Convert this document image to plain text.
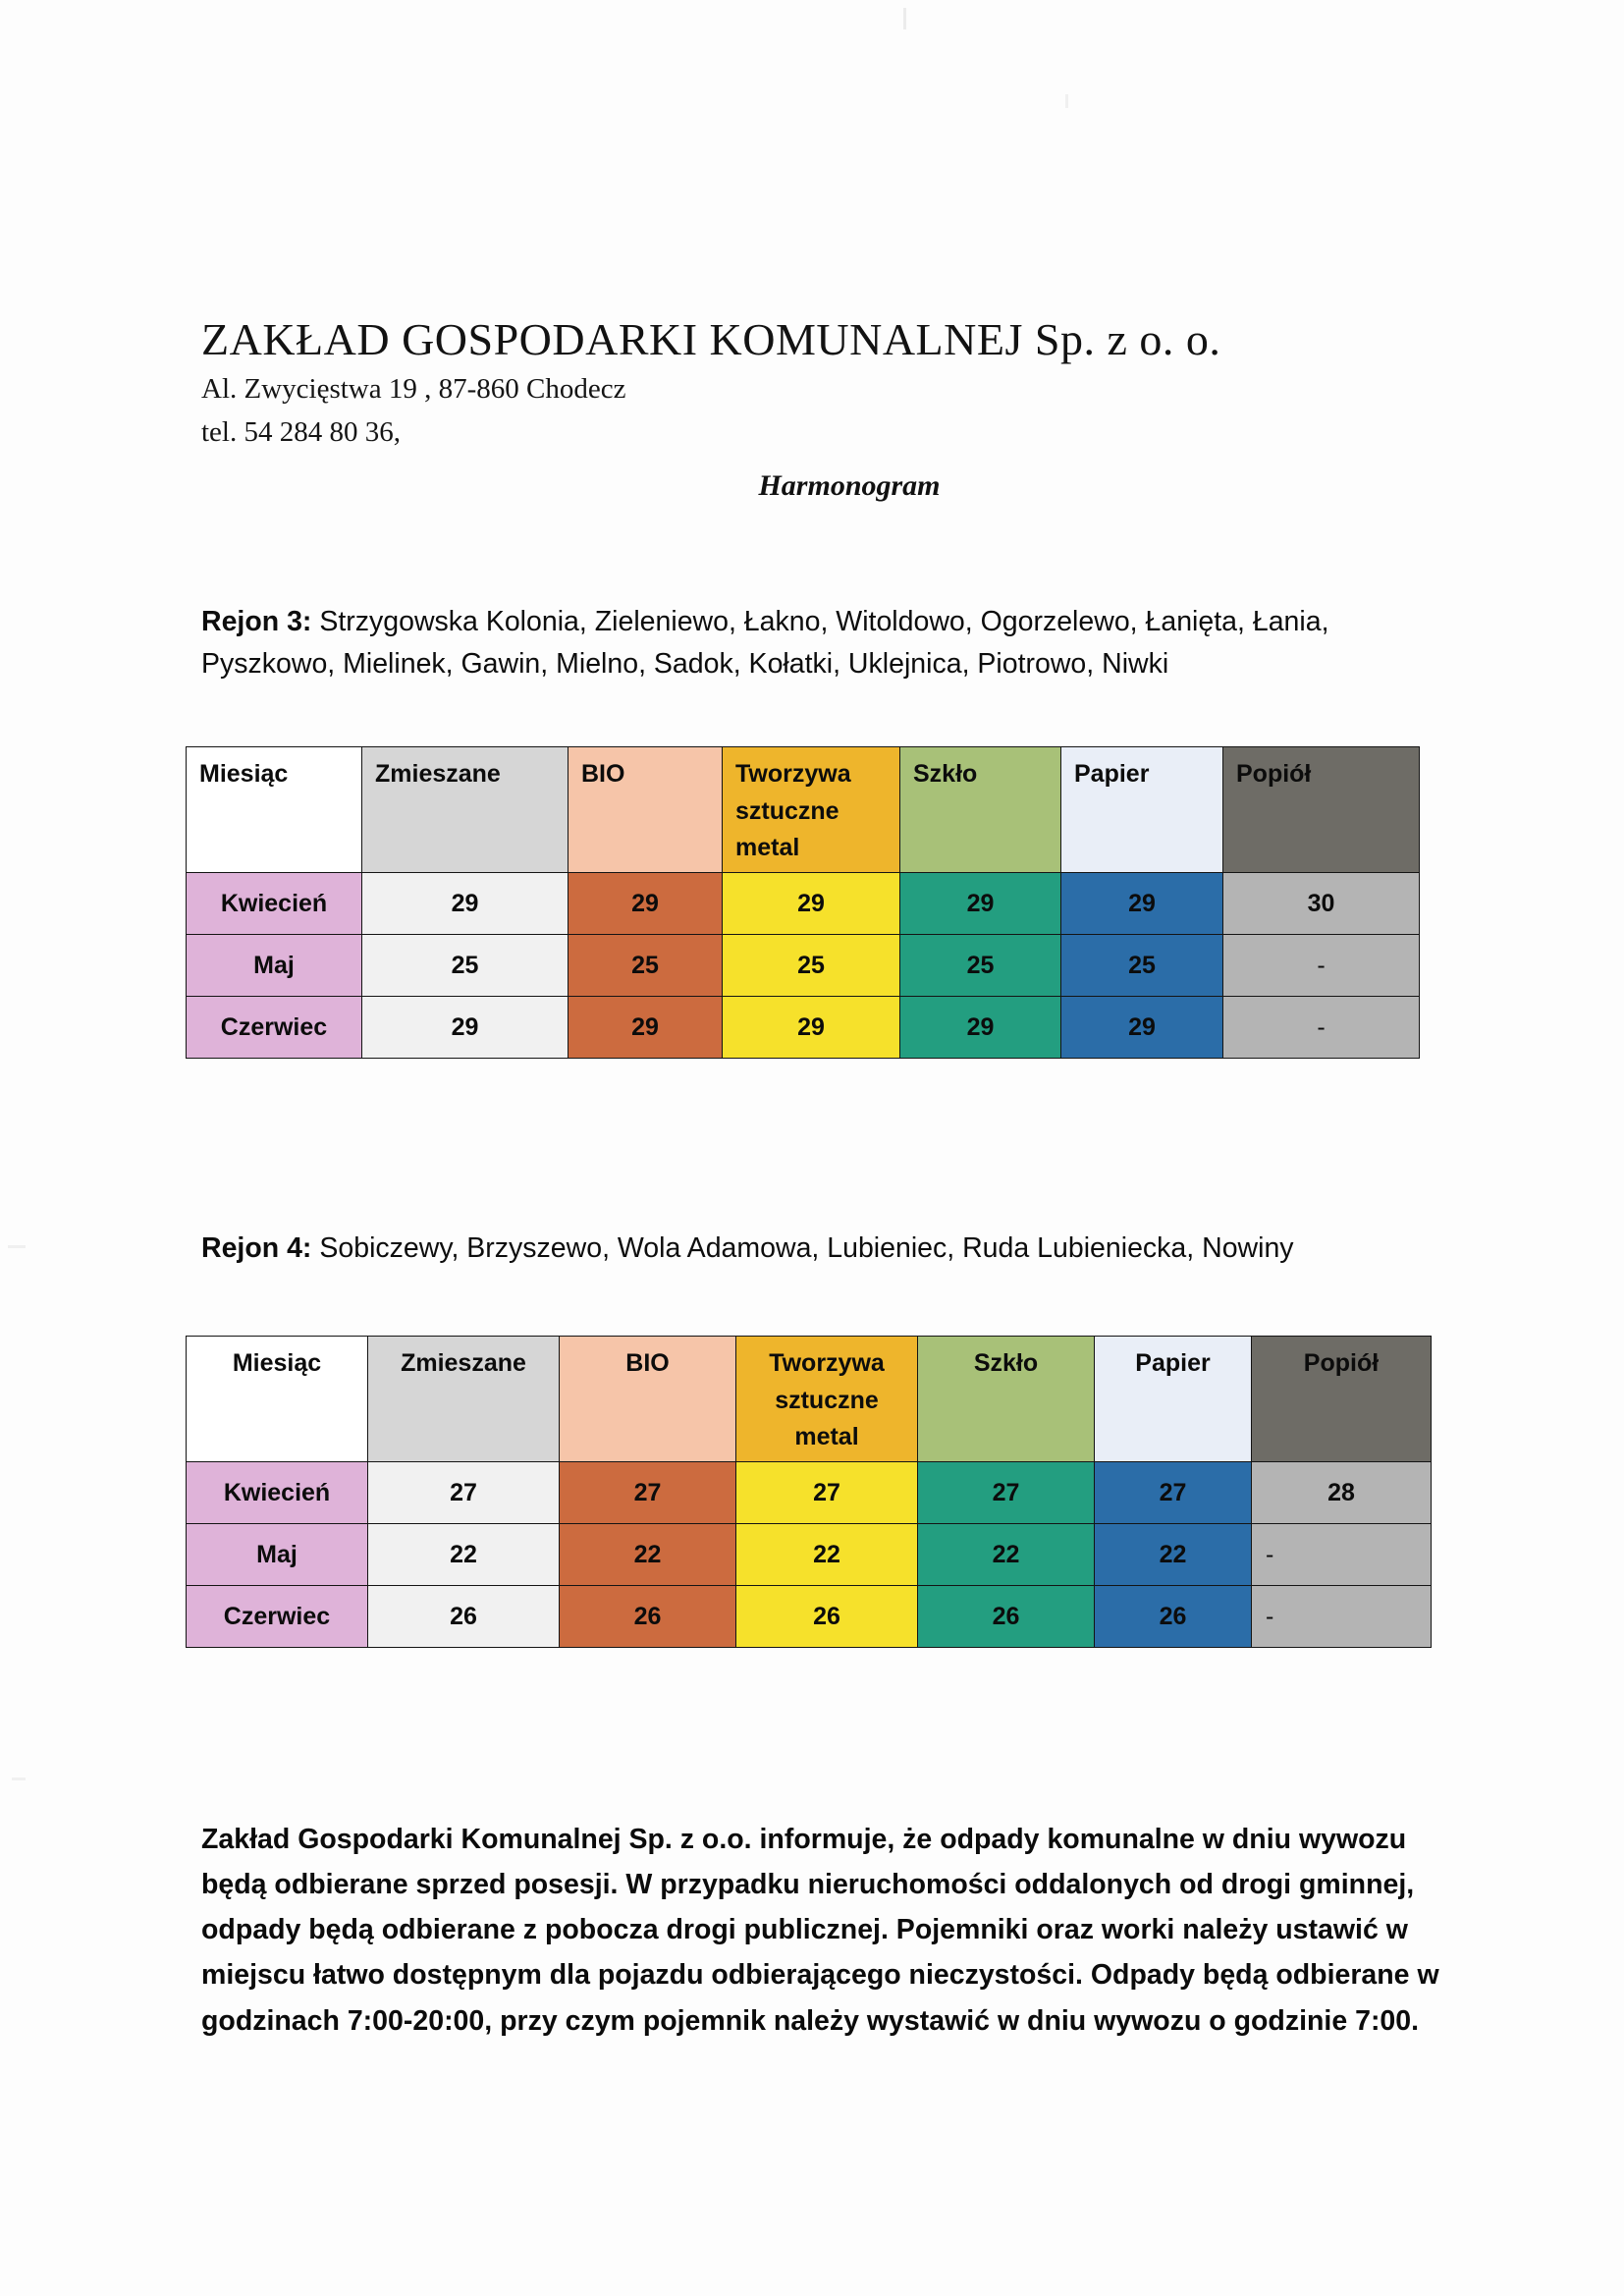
ZAKŁAD GOSPODARKI KOMUNALNEJ Sp. z o. o.
Al. Zwycięstwa 19 , 87-860 Chodecz
tel. 54 284 80 36,
Harmonogram
Rejon 3: Strzygowska Kolonia, Zieleniewo, Łakno, Witoldowo, Ogorzelewo, Łanięta, Łania, Pyszkowo, Mielinek, Gawin, Mielno, Sadok, Kołatki, Uklejnica, Piotrowo, Niwki
Miesiąc	Zmieszane	BIO	Tworzywa
sztuczne
metal	Szkło	Papier	Popiół
Kwiecień	29	29	29	29	29	30
Maj	25	25	25	25	25	-
Czerwiec	29	29	29	29	29	-
Rejon 4: Sobiczewy, Brzyszewo, Wola Adamowa, Lubieniec, Ruda Lubieniecka, Nowiny
Miesiąc	Zmieszane	BIO	Tworzywa
sztuczne
metal	Szkło	Papier	Popiół
Kwiecień	27	27	27	27	27	28
Maj	22	22	22	22	22	-
Czerwiec	26	26	26	26	26	-
Zakład Gospodarki Komunalnej Sp. z o.o. informuje, że odpady komunalne w dniu wywozu będą odbierane sprzed posesji. W przypadku nieruchomości oddalonych od drogi gminnej, odpady będą odbierane z pobocza drogi publicznej. Pojemniki oraz worki należy ustawić w miejscu łatwo dostępnym dla pojazdu odbierającego nieczystości. Odpady będą odbierane w godzinach 7:00-20:00, przy czym pojemnik należy wystawić w dniu wywozu o godzinie 7:00.
